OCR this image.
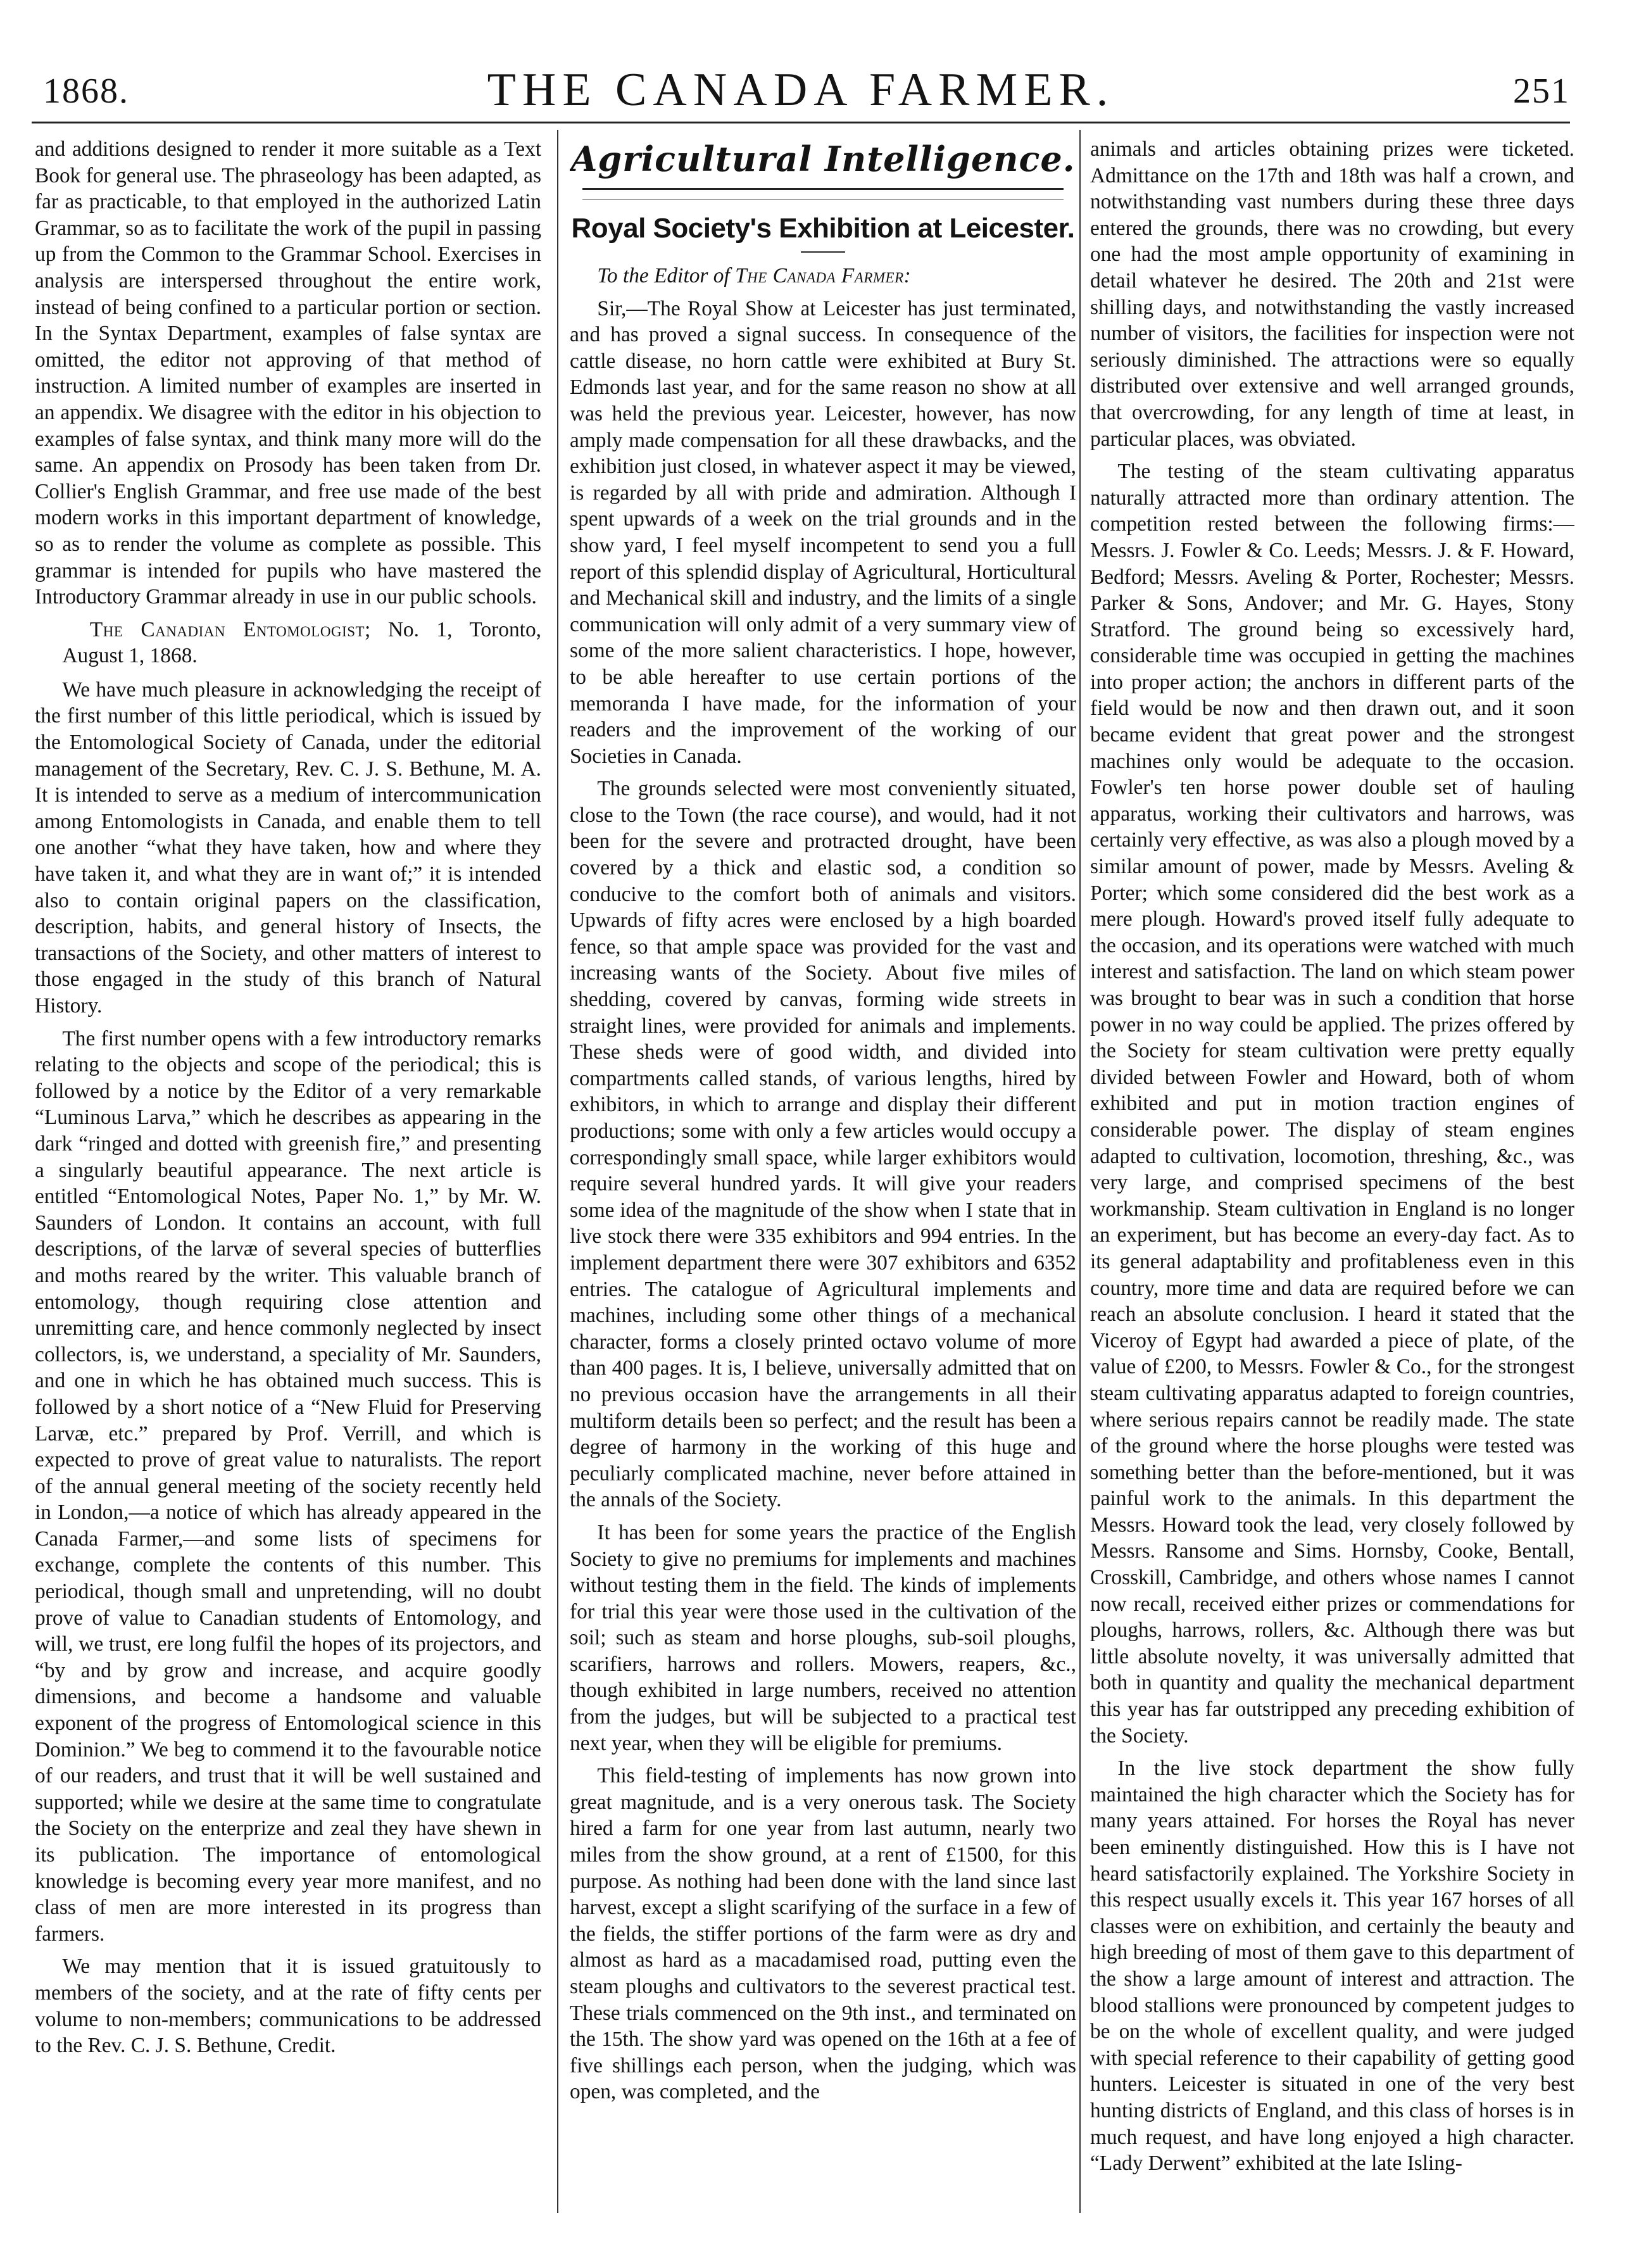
1868.	THE CANADA FARMER.	251

and additions designed to render it more suitable as a Text Book for general use. The phraseology has been adapted, as far as practicable, to that employed in the authorized Latin Grammar, so as to facilitate the work of the pupil in passing up from the Common to the Grammar School. Exercises in analysis are interspersed throughout the entire work, instead of being confined to a particular portion or section. In the Syntax Department, examples of false syntax are omitted, the editor not approving of that method of instruction. A limited number of examples are inserted in an appendix. We disagree with the editor in his objection to examples of false syntax, and think many more will do the same. An appendix on Prosody has been taken from Dr. Collier's English Grammar, and free use made of the best modern works in this important department of knowledge, so as to render the volume as complete as possible. This grammar is intended for pupils who have mastered the Introductory Grammar already in use in our public schools.

The Canadian Entomologist; No. 1, Toronto, August 1, 1868.

We have much pleasure in acknowledging the receipt of the first number of this little periodical, which is issued by the Entomological Society of Canada, under the editorial management of the Secretary, Rev. C. J. S. Bethune, M. A. It is intended to serve as a medium of intercommunication among Entomologists in Canada, and enable them to tell one another “what they have taken, how and where they have taken it, and what they are in want of;” it is intended also to contain original papers on the classification, description, habits, and general history of Insects, the transactions of the Society, and other matters of interest to those engaged in the study of this branch of Natural History.

The first number opens with a few introductory remarks relating to the objects and scope of the periodical; this is followed by a notice by the Editor of a very remarkable “Luminous Larva,” which he describes as appearing in the dark “ringed and dotted with greenish fire,” and presenting a singularly beautiful appearance. The next article is entitled “Entomological Notes, Paper No. 1,” by Mr. W. Saunders of London. It contains an account, with full descriptions, of the larvæ of several species of butterflies and moths reared by the writer. This valuable branch of entomology, though requiring close attention and unremitting care, and hence commonly neglected by insect collectors, is, we understand, a speciality of Mr. Saunders, and one in which he has obtained much success. This is followed by a short notice of a “New Fluid for Preserving Larvæ, etc.” prepared by Prof. Verrill, and which is expected to prove of great value to naturalists. The report of the annual general meeting of the society recently held in London,—a notice of which has already appeared in the Canada Farmer,—and some lists of specimens for exchange, complete the contents of this number. This periodical, though small and unpretending, will no doubt prove of value to Canadian students of Entomology, and will, we trust, ere long fulfil the hopes of its projectors, and “by and by grow and increase, and acquire goodly dimensions, and become a handsome and valuable exponent of the progress of Entomological science in this Dominion.” We beg to commend it to the favourable notice of our readers, and trust that it will be well sustained and supported; while we desire at the same time to congratulate the Society on the enterprize and zeal they have shewn in its publication. The importance of entomological knowledge is becoming every year more manifest, and no class of men are more interested in its progress than farmers.

We may mention that it is issued gratuitously to members of the society, and at the rate of fifty cents per volume to non-members; communications to be addressed to the Rev. C. J. S. Bethune, Credit.

Agricultural Intelligence.
Royal Society's Exhibition at Leicester.

To the Editor of The Canada Farmer:

Sir,—The Royal Show at Leicester has just terminated, and has proved a signal success. In consequence of the cattle disease, no horn cattle were exhibited at Bury St. Edmonds last year, and for the same reason no show at all was held the previous year. Leicester, however, has now amply made compensation for all these drawbacks, and the exhibition just closed, in whatever aspect it may be viewed, is regarded by all with pride and admiration. Although I spent upwards of a week on the trial grounds and in the show yard, I feel myself incompetent to send you a full report of this splendid display of Agricultural, Horticultural and Mechanical skill and industry, and the limits of a single communication will only admit of a very summary view of some of the more salient characteristics. I hope, however, to be able hereafter to use certain portions of the memoranda I have made, for the information of your readers and the improvement of the working of our Societies in Canada.

The grounds selected were most conveniently situated, close to the Town (the race course), and would, had it not been for the severe and protracted drought, have been covered by a thick and elastic sod, a condition so conducive to the comfort both of animals and visitors. Upwards of fifty acres were enclosed by a high boarded fence, so that ample space was provided for the vast and increasing wants of the Society. About five miles of shedding, covered by canvas, forming wide streets in straight lines, were provided for animals and implements. These sheds were of good width, and divided into compartments called stands, of various lengths, hired by exhibitors, in which to arrange and display their different productions; some with only a few articles would occupy a correspondingly small space, while larger exhibitors would require several hundred yards. It will give your readers some idea of the magnitude of the show when I state that in live stock there were 335 exhibitors and 994 entries. In the implement department there were 307 exhibitors and 6352 entries. The catalogue of Agricultural implements and machines, including some other things of a mechanical character, forms a closely printed octavo volume of more than 400 pages. It is, I believe, universally admitted that on no previous occasion have the arrangements in all their multiform details been so perfect; and the result has been a degree of harmony in the working of this huge and peculiarly complicated machine, never before attained in the annals of the Society.

It has been for some years the practice of the English Society to give no premiums for implements and machines without testing them in the field. The kinds of implements for trial this year were those used in the cultivation of the soil; such as steam and horse ploughs, sub-soil ploughs, scarifiers, harrows and rollers. Mowers, reapers, &c., though exhibited in large numbers, received no attention from the judges, but will be subjected to a practical test next year, when they will be eligible for premiums.

This field-testing of implements has now grown into great magnitude, and is a very onerous task. The Society hired a farm for one year from last autumn, nearly two miles from the show ground, at a rent of £1500, for this purpose. As nothing had been done with the land since last harvest, except a slight scarifying of the surface in a few of the fields, the stiffer portions of the farm were as dry and almost as hard as a macadamised road, putting even the steam ploughs and cultivators to the severest practical test. These trials commenced on the 9th inst., and terminated on the 15th. The show yard was opened on the 16th at a fee of five shillings each person, when the judging, which was open, was completed, and the

animals and articles obtaining prizes were ticketed. Admittance on the 17th and 18th was half a crown, and notwithstanding vast numbers during these three days entered the grounds, there was no crowding, but every one had the most ample opportunity of examining in detail whatever he desired. The 20th and 21st were shilling days, and notwithstanding the vastly increased number of visitors, the facilities for inspection were not seriously diminished. The attractions were so equally distributed over extensive and well arranged grounds, that overcrowding, for any length of time at least, in particular places, was obviated.

The testing of the steam cultivating apparatus naturally attracted more than ordinary attention. The competition rested between the following firms:—Messrs. J. Fowler & Co. Leeds; Messrs. J. & F. Howard, Bedford; Messrs. Aveling & Porter, Rochester; Messrs. Parker & Sons, Andover; and Mr. G. Hayes, Stony Stratford. The ground being so excessively hard, considerable time was occupied in getting the machines into proper action; the anchors in different parts of the field would be now and then drawn out, and it soon became evident that great power and the strongest machines only would be adequate to the occasion. Fowler's ten horse power double set of hauling apparatus, working their cultivators and harrows, was certainly very effective, as was also a plough moved by a similar amount of power, made by Messrs. Aveling & Porter; which some considered did the best work as a mere plough. Howard's proved itself fully adequate to the occasion, and its operations were watched with much interest and satisfaction. The land on which steam power was brought to bear was in such a condition that horse power in no way could be applied. The prizes offered by the Society for steam cultivation were pretty equally divided between Fowler and Howard, both of whom exhibited and put in motion traction engines of considerable power. The display of steam engines adapted to cultivation, locomotion, threshing, &c., was very large, and comprised specimens of the best workmanship. Steam cultivation in England is no longer an experiment, but has become an every-day fact. As to its general adaptability and profitableness even in this country, more time and data are required before we can reach an absolute conclusion. I heard it stated that the Viceroy of Egypt had awarded a piece of plate, of the value of £200, to Messrs. Fowler & Co., for the strongest steam cultivating apparatus adapted to foreign countries, where serious repairs cannot be readily made. The state of the ground where the horse ploughs were tested was something better than the before-mentioned, but it was painful work to the animals. In this department the Messrs. Howard took the lead, very closely followed by Messrs. Ransome and Sims. Hornsby, Cooke, Bentall, Crosskill, Cambridge, and others whose names I cannot now recall, received either prizes or commendations for ploughs, harrows, rollers, &c. Although there was but little absolute novelty, it was universally admitted that both in quantity and quality the mechanical department this year has far outstripped any preceding exhibition of the Society.

In the live stock department the show fully maintained the high character which the Society has for many years attained. For horses the Royal has never been eminently distinguished. How this is I have not heard satisfactorily explained. The Yorkshire Society in this respect usually excels it. This year 167 horses of all classes were on exhibition, and certainly the beauty and high breeding of most of them gave to this department of the show a large amount of interest and attraction. The blood stallions were pronounced by competent judges to be on the whole of excellent quality, and were judged with special reference to their capability of getting good hunters. Leicester is situated in one of the very best hunting districts of England, and this class of horses is in much request, and have long enjoyed a high character. “Lady Derwent” exhibited at the late Isling-
